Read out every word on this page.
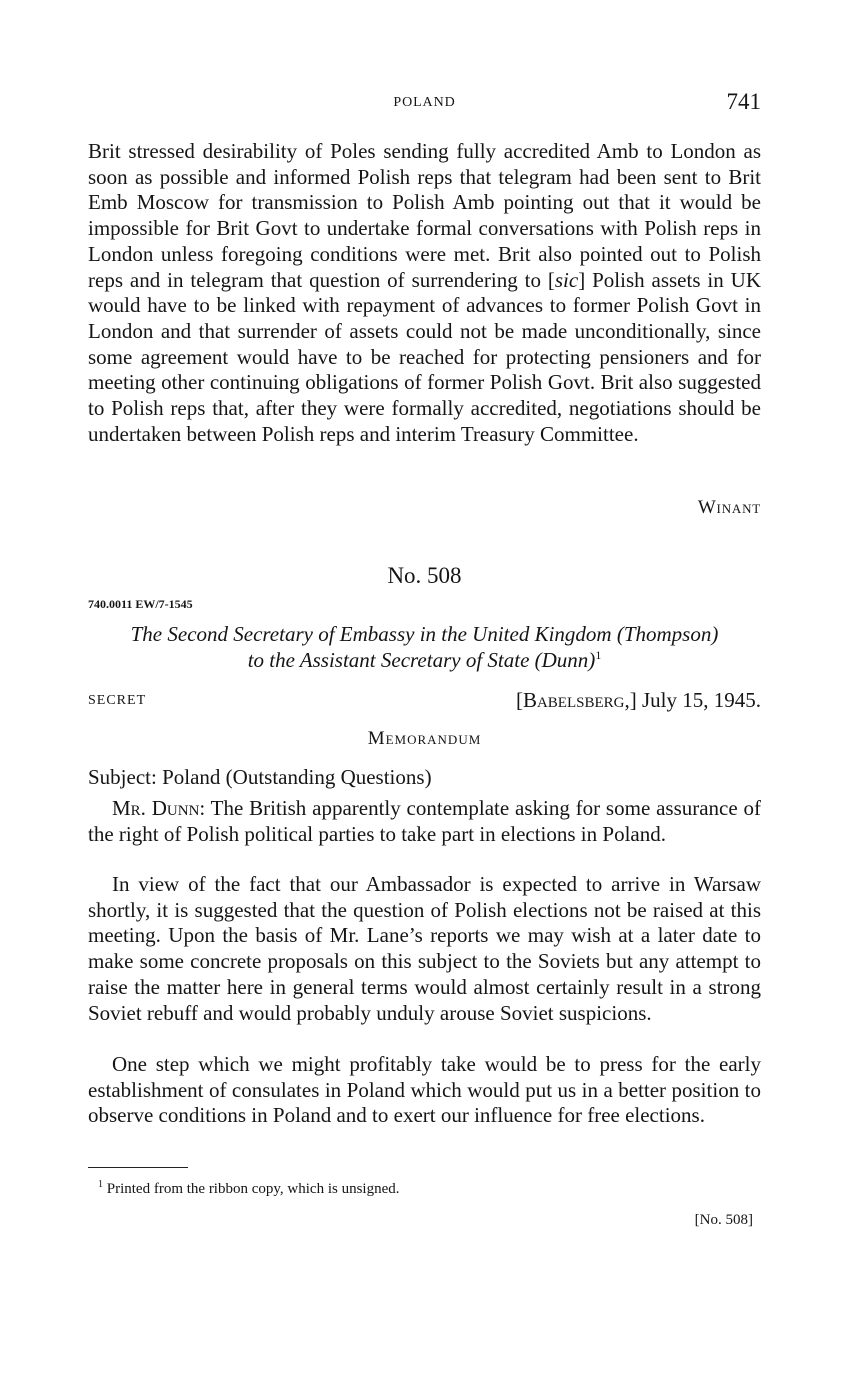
POLAND	741

Brit stressed desirability of Poles sending fully accredited Amb to London as soon as possible and informed Polish reps that telegram had been sent to Brit Emb Moscow for transmission to Polish Amb pointing out that it would be impossible for Brit Govt to undertake formal conversations with Polish reps in London unless foregoing conditions were met. Brit also pointed out to Polish reps and in telegram that question of surrendering to [sic] Polish assets in UK would have to be linked with repayment of advances to former Polish Govt in London and that surrender of assets could not be made unconditionally, since some agreement would have to be reached for protecting pensioners and for meeting other continuing obligations of former Polish Govt. Brit also suggested to Polish reps that, after they were formally accredited, negotiations should be undertaken between Polish reps and interim Treasury Committee.

Winant
No. 508
740.0011 EW/7-1545

The Second Secretary of Embassy in the United Kingdom (Thompson)
to the Assistant Secretary of State (Dunn)$^1$

SECRET	[Babelsberg,] July 15, 1945.
Memorandum
Subject: Poland (Outstanding Questions)

Mr. Dunn: The British apparently contemplate asking for some assurance of the right of Polish political parties to take part in elections in Poland.

In view of the fact that our Ambassador is expected to arrive in Warsaw shortly, it is suggested that the question of Polish elections not be raised at this meeting. Upon the basis of Mr. Lane’s reports we may wish at a later date to make some concrete proposals on this subject to the Soviets but any attempt to raise the matter here in general terms would almost certainly result in a strong Soviet rebuff and would probably unduly arouse Soviet suspicions.

One step which we might profitably take would be to press for the early establishment of consulates in Poland which would put us in a better position to observe conditions in Poland and to exert our influence for free elections.

$^1$ Printed from the ribbon copy, which is unsigned.
[No. 508]
